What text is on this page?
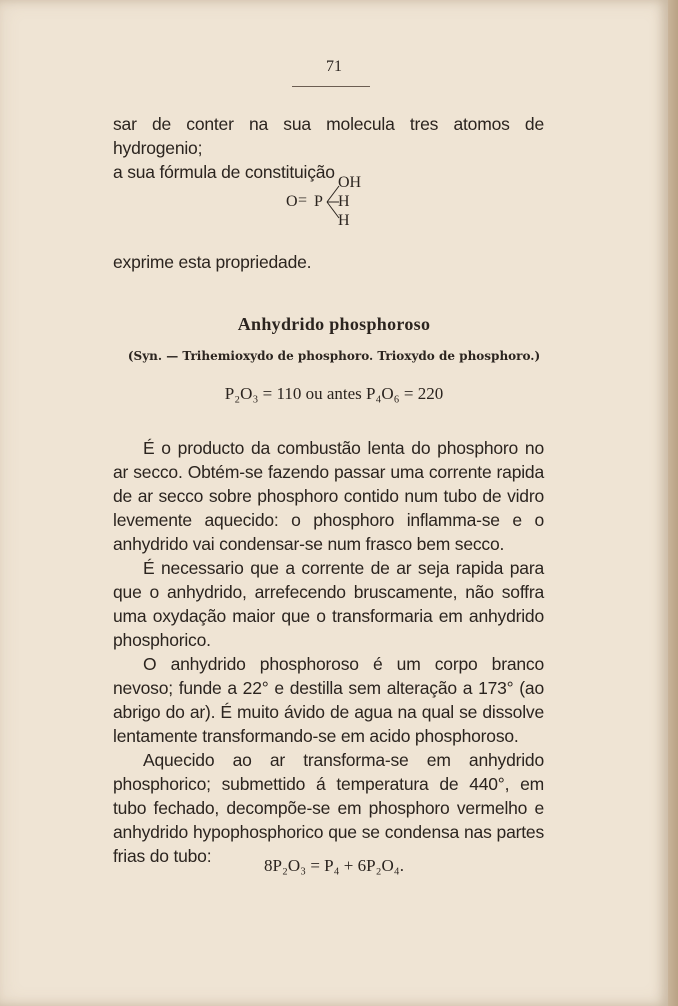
71
sar de conter na sua molecula tres atomos de hydrogenio;
a sua fórmula de constituição
O = P
OH
H
H
exprime esta propriedade.
Anhydrido phosphoroso
(Syn. — Trihemioxydo de phosphoro. Trioxydo de phosphoro.)
P₂O₃ = 110 ou antes P₄O₆ = 220
É o producto da combustão lenta do phosphoro no ar secco. Obtém-se fazendo passar uma corrente rapida de ar secco sobre phosphoro contido num tubo de vidro levemente aquecido: o phosphoro inflamma-se e o anhydrido vai condensar-se num frasco bem secco.
É necessario que a corrente de ar seja rapida para que o anhydrido, arrefecendo bruscamente, não soffra uma oxydação maior que o transformaria em anhydrido phosphorico.
O anhydrido phosphoroso é um corpo branco nevoso; funde a 22° e destilla sem alteração a 173° (ao abrigo do ar). É muito ávido de agua na qual se dissolve lentamente transformando-se em acido phosphoroso.
Aquecido ao ar transforma-se em anhydrido phosphorico; submettido á temperatura de 440°, em tubo fechado, decompõe-se em phosphoro vermelho e anhydrido hypophosphorico que se condensa nas partes frias do tubo:	8P₂O₃ = P₄ + 6P₂O₄.
